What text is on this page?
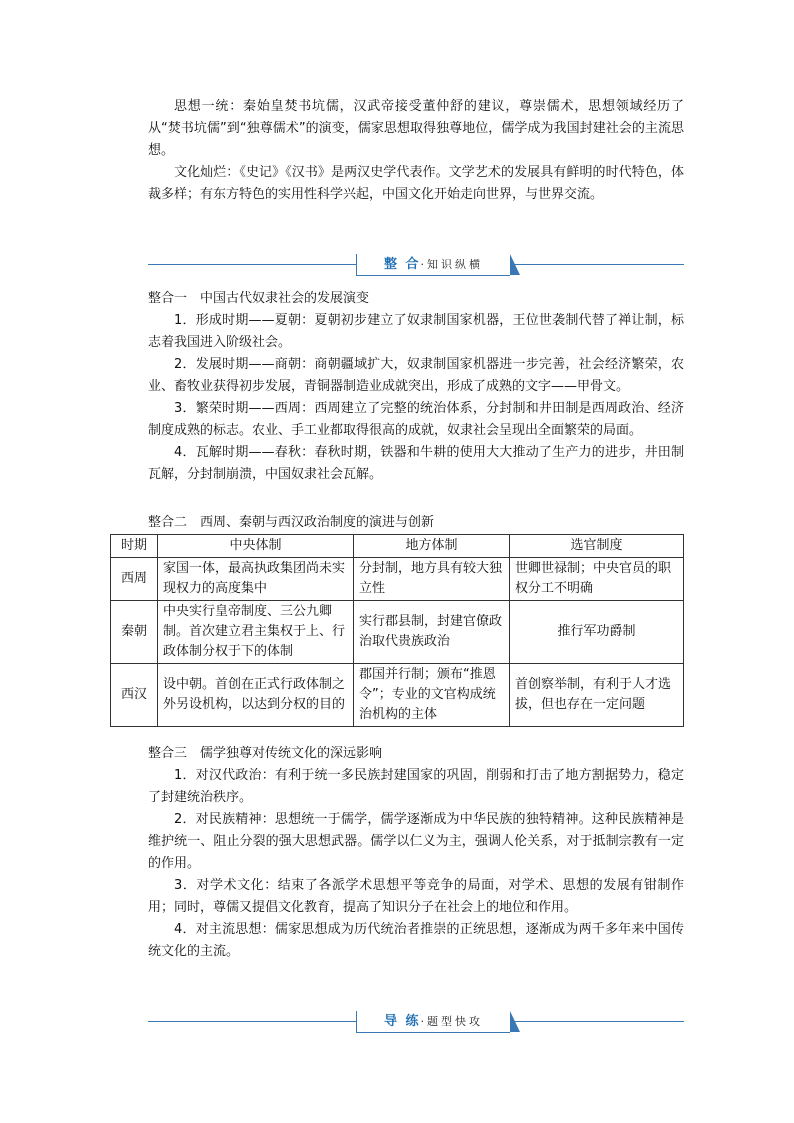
思想一统：秦始皇焚书坑儒，汉武帝接受董仲舒的建议，尊崇儒术，思想领域经历了从“焚书坑儒”到“独尊儒术”的演变，儒家思想取得独尊地位，儒学成为我国封建社会的主流思想。

文化灿烂：《史记》《汉书》是两汉史学代表作。文学艺术的发展具有鲜明的时代特色，体裁多样；有东方特色的实用性科学兴起，中国文化开始走向世界，与世界交流。

整 合·知识纵横
整合一　中国古代奴隶社会的发展演变

1．形成时期——夏朝：夏朝初步建立了奴隶制国家机器，王位世袭制代替了禅让制，标志着我国进入阶级社会。

2．发展时期——商朝：商朝疆域扩大，奴隶制国家机器进一步完善，社会经济繁荣，农业、畜牧业获得初步发展，青铜器制造业成就突出，形成了成熟的文字——甲骨文。

3．繁荣时期——西周：西周建立了完整的统治体系，分封制和井田制是西周政治、经济制度成熟的标志。农业、手工业都取得很高的成就，奴隶社会呈现出全面繁荣的局面。

4．瓦解时期——春秋：春秋时期，铁器和牛耕的使用大大推动了生产力的进步，井田制瓦解，分封制崩溃，中国奴隶社会瓦解。

整合二　西周、秦朝与西汉政治制度的演进与创新
时期	中央体制	地方体制	选官制度
西周	家国一体，最高执政集团尚未实现权力的高度集中	分封制，地方具有较大独立性	世卿世禄制；中央官员的职权分工不明确
秦朝	中央实行皇帝制度、三公九卿制。首次建立君主集权于上、行政体制分权于下的体制	实行郡县制，封建官僚政治取代贵族政治	推行军功爵制
西汉	设中朝。首创在正式行政体制之外另设机构，以达到分权的目的	郡国并行制；颁布“推恩令”；专业的文官构成统治机构的主体	首创察举制，有利于人才选拔，但也存在一定问题
整合三　儒学独尊对传统文化的深远影响

1．对汉代政治：有利于统一多民族封建国家的巩固，削弱和打击了地方割据势力，稳定了封建统治秩序。

2．对民族精神：思想统一于儒学，儒学逐渐成为中华民族的独特精神。这种民族精神是维护统一、阻止分裂的强大思想武器。儒学以仁义为主，强调人伦关系，对于抵制宗教有一定的作用。

3．对学术文化：结束了各派学术思想平等竞争的局面，对学术、思想的发展有钳制作用；同时，尊儒又提倡文化教育，提高了知识分子在社会上的地位和作用。

4．对主流思想：儒家思想成为历代统治者推崇的正统思想，逐渐成为两千多年来中国传统文化的主流。

导 练·题型快攻
